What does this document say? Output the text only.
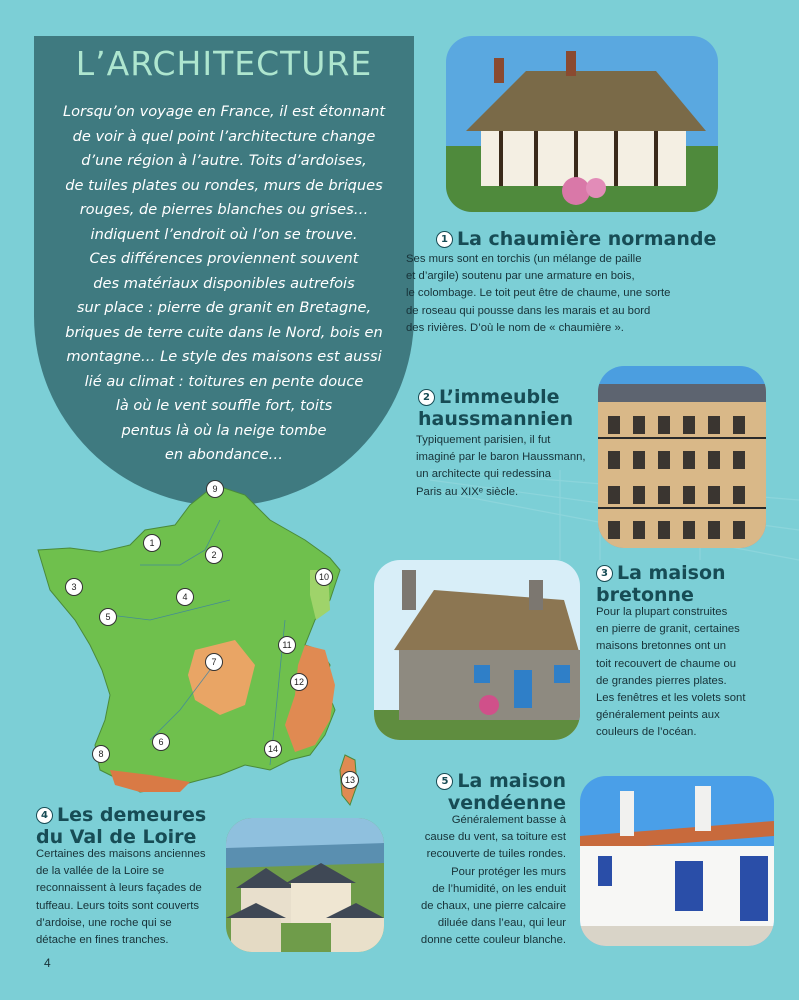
L’ARCHITECTURE
Lorsqu’on voyage en France, il est étonnant
de voir à quel point l’architecture change
d’une région à l’autre. Toits d’ardoises,
de tuiles plates ou rondes, murs de briques
rouges, de pierres blanches ou grises…
indiquent l’endroit où l’on se trouve.
Ces différences proviennent souvent
des matériaux disponibles autrefois
sur place : pierre de granit en Bretagne,
briques de terre cuite dans le Nord, bois en
montagne… Le style des maisons est aussi
lié au climat : toitures en pente douce
là où le vent souffle fort, toits
pentus là où la neige tombe
en abondance…
1
2
3
4
5
6
7
8
9
10
11
12
13
14
1 La chaumière normande
Ses murs sont en torchis (un mélange de paille
et d’argile) soutenu par une armature en bois,
le colombage. Le toit peut être de chaume, une sorte
de roseau qui pousse dans les marais et au bord
des rivières. D’où le nom de « chaumière ».
2 L’immeuble
haussmannien
Typiquement parisien, il fut
imaginé par le baron Haussmann,
un architecte qui redessina
Paris au XIXᵉ siècle.
3 La maison
bretonne
Pour la plupart construites
en pierre de granit, certaines
maisons bretonnes ont un
toit recouvert de chaume ou
de grandes pierres plates.
Les fenêtres et les volets sont
généralement peints aux
couleurs de l’océan.
4 Les demeures
du Val de Loire
Certaines des maisons anciennes
de la vallée de la Loire se
reconnaissent à leurs façades de
tuffeau. Leurs toits sont couverts
d’ardoise, une roche qui se
détache en fines tranches.
5 La maison
vendéenne
Généralement basse à
cause du vent, sa toiture est
recouverte de tuiles rondes.
Pour protéger les murs
de l’humidité, on les enduit
de chaux, une pierre calcaire
diluée dans l’eau, qui leur
donne cette couleur blanche.
4
